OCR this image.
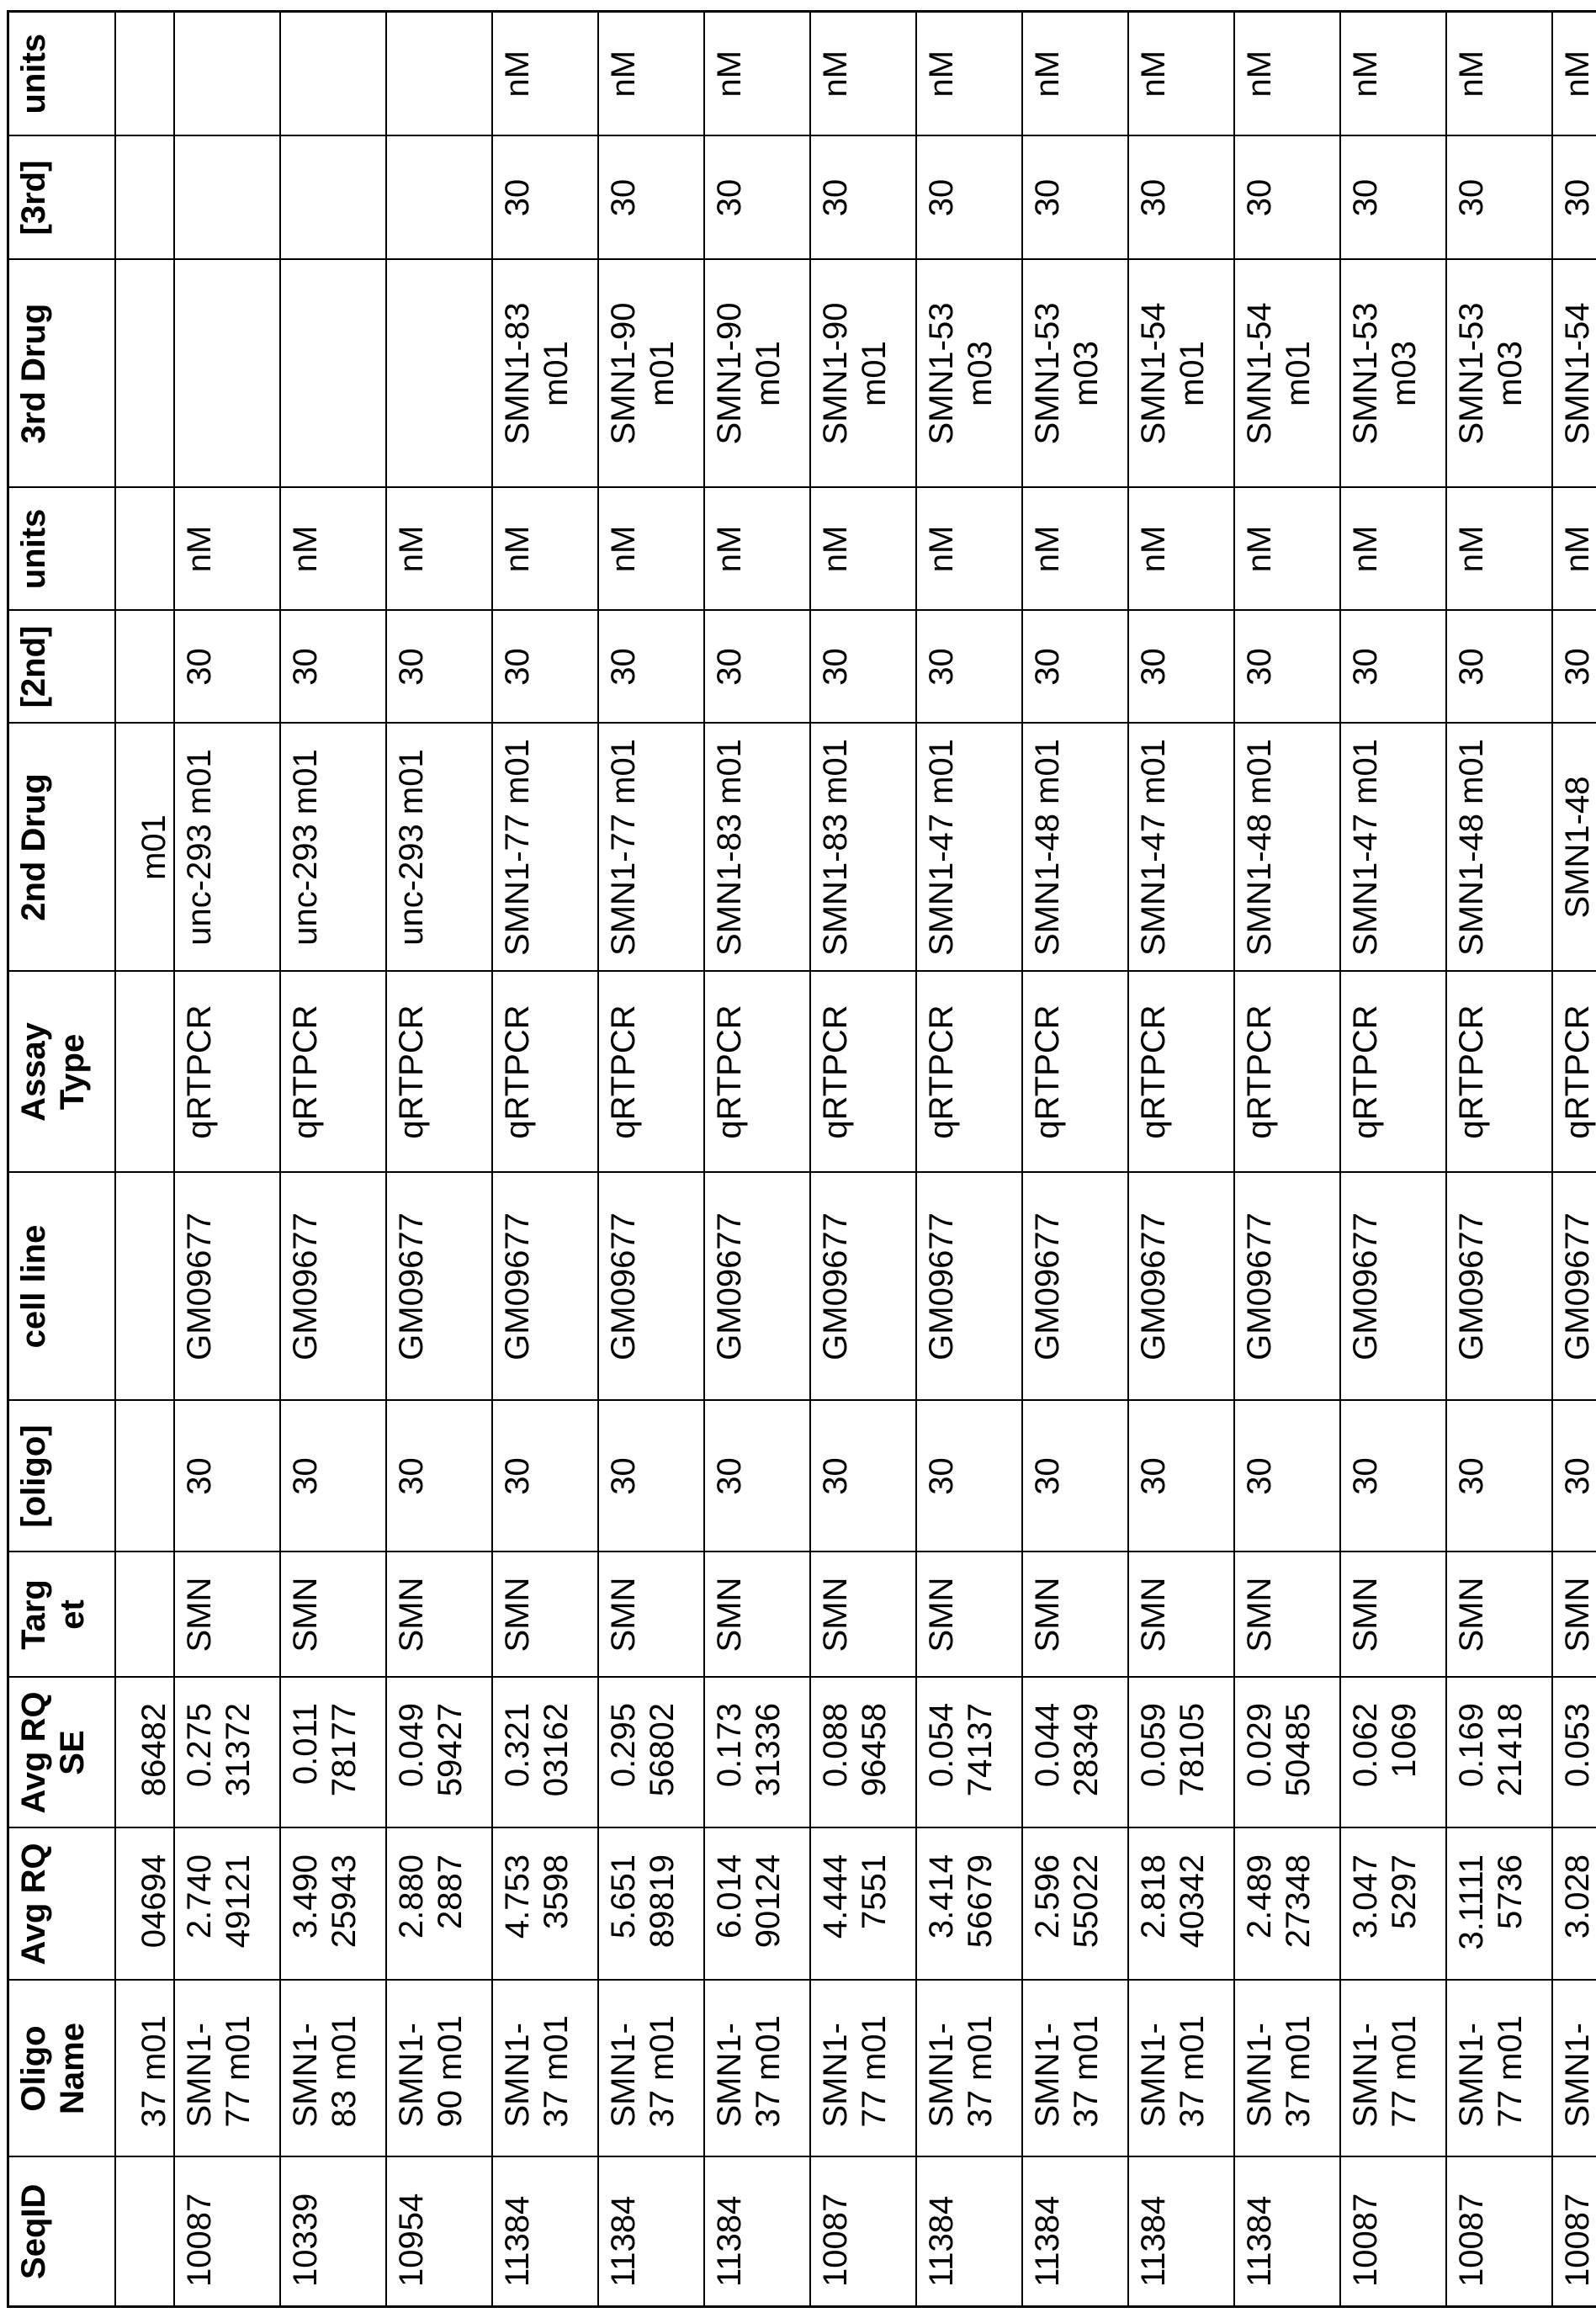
SeqID

Oligo Name

Avg RQ

Avg RQ SE

Target

[oligo]

cell line

Assay Type

2nd Drug

[2nd]

units

3rd Drug

[3rd]

units

37 m01

04694

86482

m01

10087

SMN1-77 m01

2.74049121

0.27531372

SMN

30

GM09677

qRTPCR

unc-293 m01

30

nM

10339

SMN1-83 m01

3.49025943

0.01178177

SMN

30

GM09677

qRTPCR

unc-293 m01

30

nM

10954

SMN1-90 m01

2.8802887

0.04959427

SMN

30

GM09677

qRTPCR

unc-293 m01

30

nM

11384

SMN1-37 m01

4.7533598

0.32103162

SMN

30

GM09677

qRTPCR

SMN1-77 m01

30

nM

SMN1-83 m01

30

nM

11384

SMN1-37 m01

5.65189819

0.29556802

SMN

30

GM09677

qRTPCR

SMN1-77 m01

30

nM

SMN1-90 m01

30

nM

11384

SMN1-37 m01

6.01490124

0.17331336

SMN

30

GM09677

qRTPCR

SMN1-83 m01

30

nM

SMN1-90 m01

30

nM

10087

SMN1-77 m01

4.4447551

0.08896458

SMN

30

GM09677

qRTPCR

SMN1-83 m01

30

nM

SMN1-90 m01

30

nM

11384

SMN1-37 m01

3.41456679

0.05474137

SMN

30

GM09677

qRTPCR

SMN1-47 m01

30

nM

SMN1-53 m03

30

nM

11384

SMN1-37 m01

2.59655022

0.04428349

SMN

30

GM09677

qRTPCR

SMN1-48 m01

30

nM

SMN1-53 m03

30

nM

11384

SMN1-37 m01

2.81840342

0.05978105

SMN

30

GM09677

qRTPCR

SMN1-47 m01

30

nM

SMN1-54 m01

30

nM

11384

SMN1-37 m01

2.48927348

0.02950485

SMN

30

GM09677

qRTPCR

SMN1-48 m01

30

nM

SMN1-54 m01

30

nM

10087

SMN1-77 m01

3.0475297

0.0621069

SMN

30

GM09677

qRTPCR

SMN1-47 m01

30

nM

SMN1-53 m03

30

nM

10087

SMN1-77 m01

3.11115736

0.16921418

SMN

30

GM09677

qRTPCR

SMN1-48 m01

30

nM

SMN1-53 m03

30

nM

10087

SMN1-

3.028

0.053

SMN

30

GM09677

qRTPCR

SMN1-48

30

nM

SMN1-54

30

nM
